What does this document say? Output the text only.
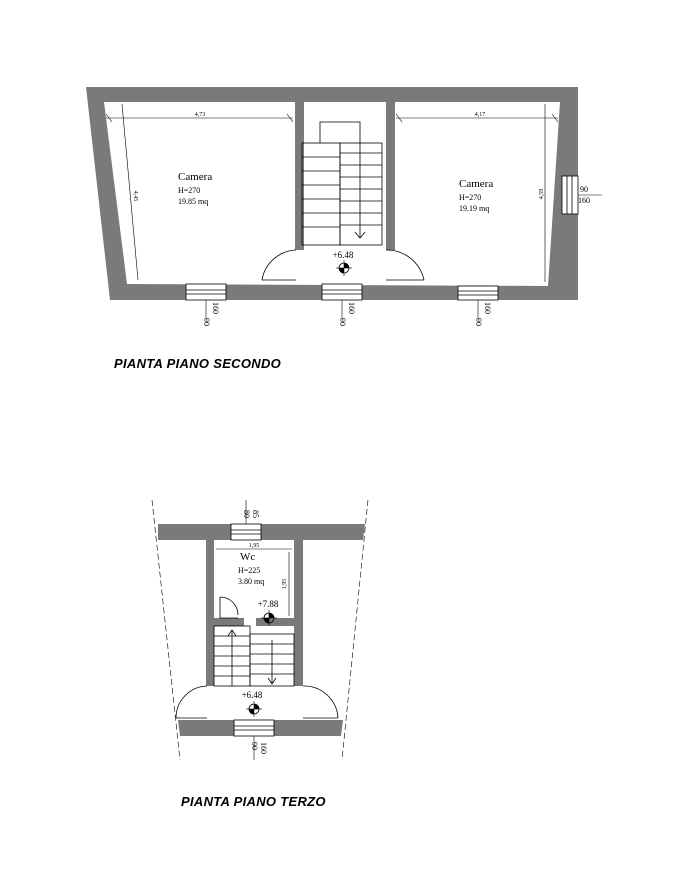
4,73	4,17
4,45	4,59
+6.48
Camera
H=270
19.85 mq
Camera
H=270
19.19 mq
90
160
90
160
90
160
90
160
80 85
90 160
1,95
1,95
+7.88
+6.48
Wc
H=225
3.80 mq

PIANTA PIANO SECONDO

PIANTA PIANO TERZO
